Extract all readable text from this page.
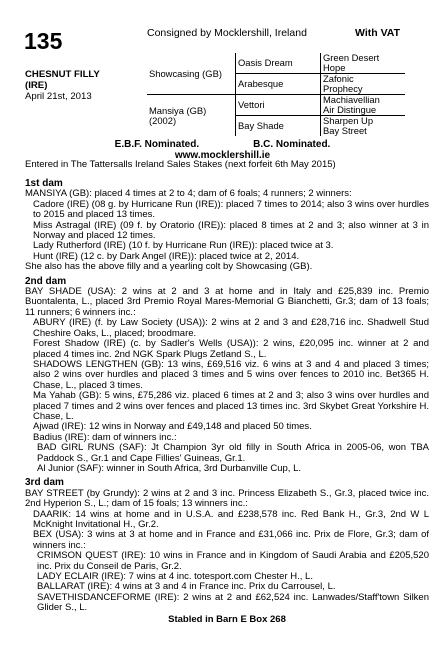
135	Consigned by Mocklershill, Ireland	With VAT
CHESNUT FILLY
(IRE)
April 21st, 2013
Showcasing (GB)	Oasis Dream	Green Desert
		Hope
	Arabesque	Zafonic
		Prophecy
Mansiya (GB) (2002)	Vettori	Machiavellian
		Air Distingue
	Bay Shade	Sharpen Up
		Bay Street
E.B.F. Nominated.	B.C. Nominated.
www.mocklershill.ie
Entered in The Tattersalls Ireland Sales Stakes (next forfeit 6th May 2015)
1st dam
MANSIYA (GB): placed 4 times at 2 to 4; dam of 6 foals; 4 runners; 2 winners:
Cadore (IRE) (08 g. by Hurricane Run (IRE)): placed 7 times to 2014; also 3 wins over hurdles to 2015 and placed 13 times.
Miss Astragal (IRE) (09 f. by Oratorio (IRE)): placed 8 times at 2 and 3; also winner at 3 in Norway and placed 12 times.
Lady Rutherford (IRE) (10 f. by Hurricane Run (IRE)): placed twice at 3.
Hunt (IRE) (12 c. by Dark Angel (IRE)): placed twice at 2, 2014.
She also has the above filly and a yearling colt by Showcasing (GB).
2nd dam
BAY SHADE (USA): 2 wins at 2 and 3 at home and in Italy and £25,839 inc. Premio Buontalenta, L., placed 3rd Premio Royal Mares-Memorial G Bianchetti, Gr.3; dam of 13 foals; 11 runners; 6 winners inc.:
ABURY (IRE) (f. by Law Society (USA)): 2 wins at 2 and 3 and £28,716 inc. Shadwell Stud Cheshire Oaks, L., placed; broodmare.
Forest Shadow (IRE) (c. by Sadler's Wells (USA)): 2 wins, £20,095 inc. winner at 2 and placed 4 times inc. 2nd NGK Spark Plugs Zetland S., L.
SHADOWS LENGTHEN (GB): 13 wins, £69,516 viz. 6 wins at 3 and 4 and placed 3 times; also 2 wins over hurdles and placed 3 times and 5 wins over fences to 2010 inc. Bet365 H. Chase, L., placed 3 times.
Ma Yahab (GB): 5 wins, £75,286 viz. placed 6 times at 2 and 3; also 3 wins over hurdles and placed 7 times and 2 wins over fences and placed 13 times inc. 3rd Skybet Great Yorkshire H. Chase, L.
Ajwad (IRE): 12 wins in Norway and £49,148 and placed 50 times.
Badius (IRE): dam of winners inc.:
BAD GIRL RUNS (SAF): Jt Champion 3yr old filly in South Africa in 2005-06, won TBA Paddock S., Gr.1 and Cape Fillies' Guineas, Gr.1.
Al Junior (SAF): winner in South Africa, 3rd Durbanville Cup, L.
3rd dam
BAY STREET (by Grundy): 2 wins at 2 and 3 inc. Princess Elizabeth S., Gr.3, placed twice inc. 2nd Hyperion S., L.; dam of 15 foals; 13 winners inc.:
DAARIK: 14 wins at home and in U.S.A. and £238,578 inc. Red Bank H., Gr.3, 2nd W L McKnight Invitational H., Gr.2.
BEX (USA): 3 wins at 3 at home and in France and £31,066 inc. Prix de Flore, Gr.3; dam of winners inc.:
CRIMSON QUEST (IRE): 10 wins in France and in Kingdom of Saudi Arabia and £205,520 inc. Prix du Conseil de Paris, Gr.2.
LADY ECLAIR (IRE): 7 wins at 4 inc. totesport.com Chester H., L.
BALLARAT (IRE): 4 wins at 3 and 4 in France inc. Prix du Carrousel, L.
SAVETHISDANCEFORME (IRE): 2 wins at 2 and £62,524 inc. Lanwades/Staff'town Silken Glider S., L.
Stabled in Barn E Box 268
